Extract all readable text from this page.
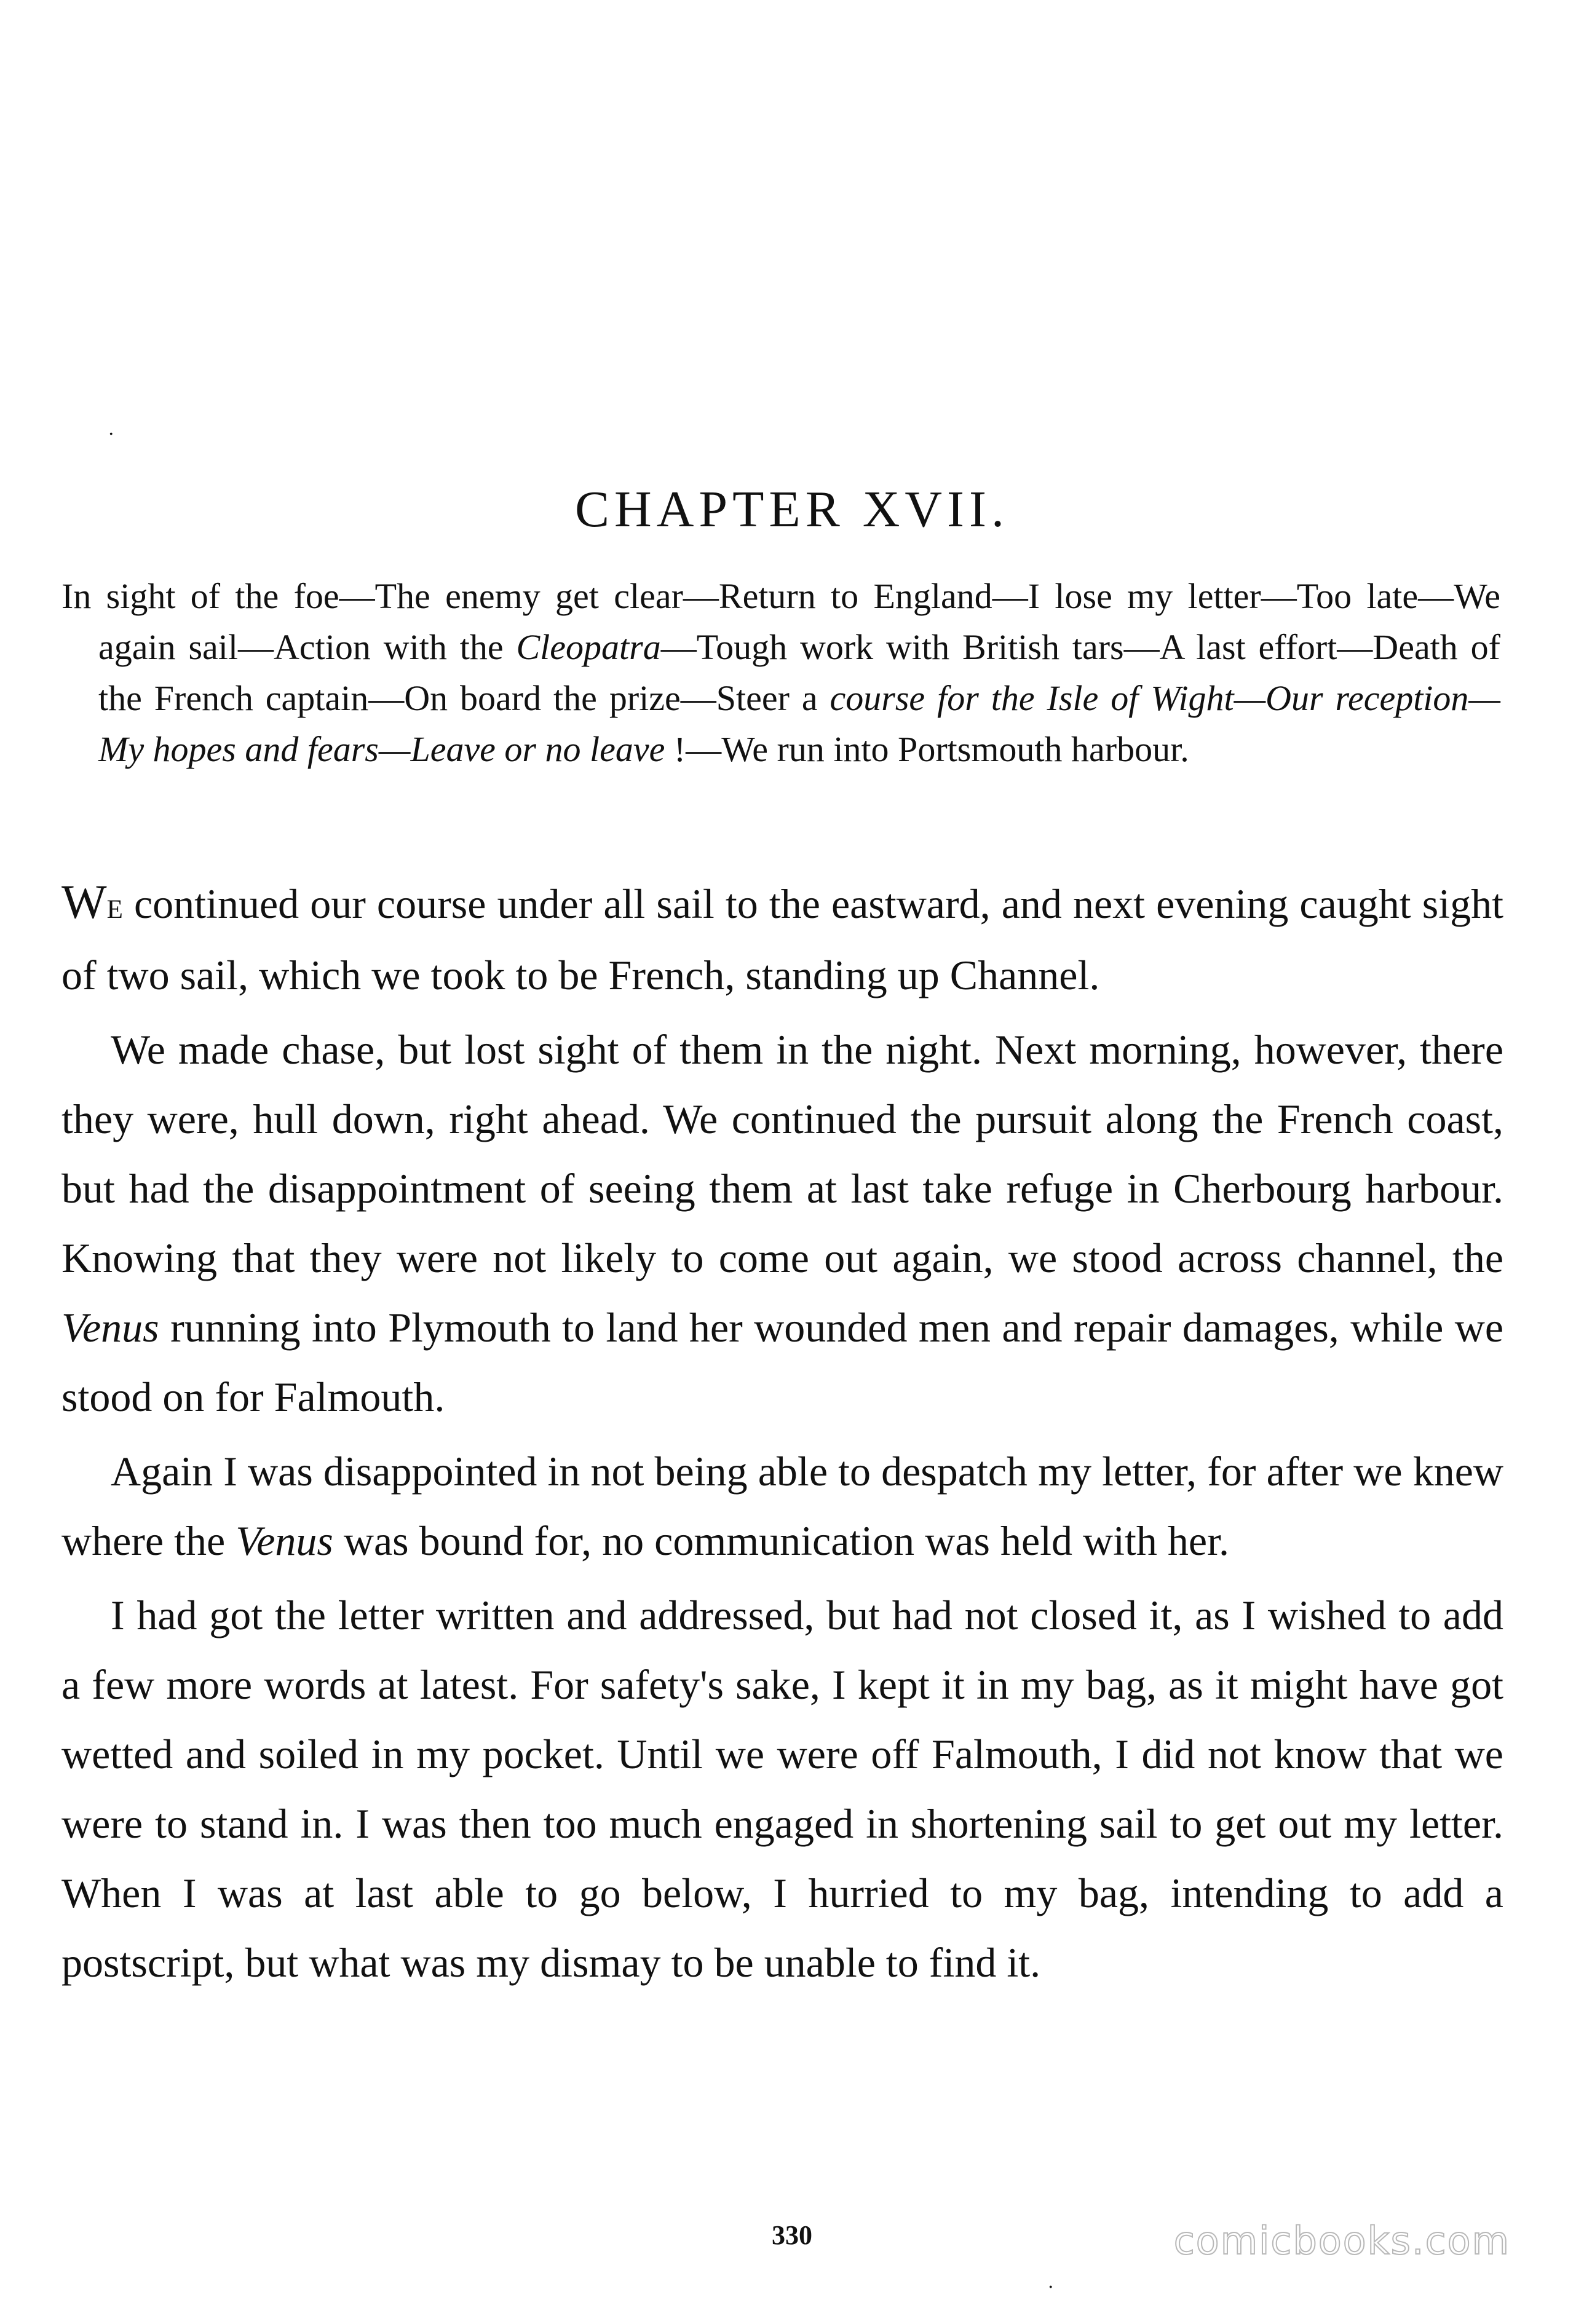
·
·
CHAPTER XVII.

In sight of the foe—The enemy get clear—Return to England—I lose my letter—Too late—We again sail—Action with the Cleopatra—Tough work with British tars—A last effort—Death of the French captain—On board the prize—Steer a course for the Isle of Wight—Our reception—My hopes and fears—Leave or no leave !—We run into Portsmouth harbour.

We continued our course under all sail to the eastward, and next evening caught sight of two sail, which we took to be French, standing up Channel.

We made chase, but lost sight of them in the night. Next morning, however, there they were, hull down, right ahead. We continued the pursuit along the French coast, but had the disappointment of seeing them at last take refuge in Cherbourg harbour. Knowing that they were not likely to come out again, we stood across channel, the Venus running into Plymouth to land her wounded men and repair damages, while we stood on for Falmouth.

Again I was disappointed in not being able to despatch my letter, for after we knew where the Venus was bound for, no communication was held with her.

I had got the letter written and addressed, but had not closed it, as I wished to add a few more words at latest. For safety's sake, I kept it in my bag, as it might have got wetted and soiled in my pocket. Until we were off Falmouth, I did not know that we were to stand in. I was then too much engaged in shortening sail to get out my letter. When I was at last able to go below, I hurried to my bag, intending to add a postscript, but what was my dismay to be unable to find it.

330	comicbooks.com
